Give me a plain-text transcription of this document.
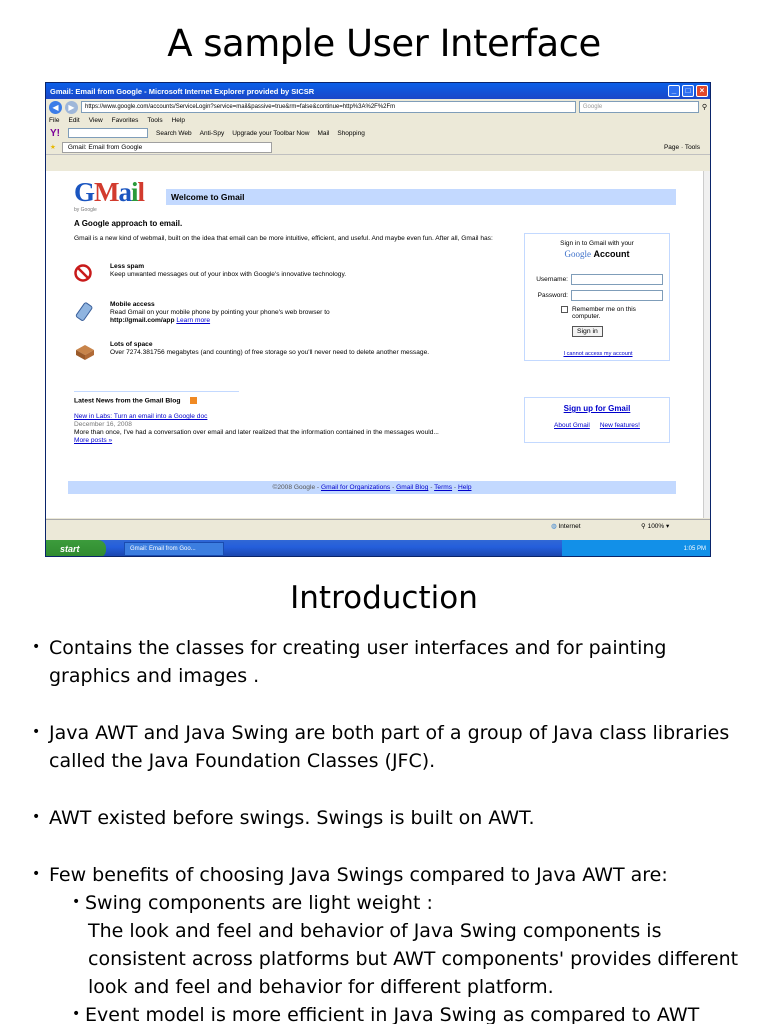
A sample User Interface
Gmail: Email from Google - Microsoft Internet Explorer provided by SICSR	_	□	×
◀	▶	https://www.google.com/accounts/ServiceLogin?service=mail&passive=true&rm=false&continue=http%3A%2F%2Fm	Google	⚲
File Edit View Favorites Tools Help
Y!	Search Web Anti-Spy Upgrade your Toolbar Now Mail Shopping
★	Gmail: Email from Google	Page · Tools
GMail
by Google
Welcome to Gmail
A Google approach to email.
Gmail is a new kind of webmail, built on the idea that email can be more intuitive, efficient, and useful. And maybe even fun. After all, Gmail has:
Less spam
Keep unwanted messages out of your inbox with Google's innovative technology.
Mobile access
Read Gmail on your mobile phone by pointing your phone's web browser to
http://gmail.com/app Learn more
Lots of space
Over 7274.381756 megabytes (and counting) of free storage so you'll never need to delete another message.
Latest News from the Gmail Blog
New in Labs: Turn an email into a Google doc
December 16, 2008
More than once, I've had a conversation over email and later realized that the information contained in the messages would...
More posts »
Sign in to Gmail with your
Google Account
Username:
Password:
Remember me on this computer.
Sign in
I cannot access my account
Sign up for Gmail
About Gmail New features!
©2008 Google - Gmail for Organizations - Gmail Blog - Terms - Help
◍ Internet	⚲ 100% ▾
start	Gmail: Email from Goo...	1:05 PM
Introduction
• Contains the classes for creating user interfaces and for painting graphics and images .
• Java AWT and Java Swing are both part of a group of Java class libraries called the Java Foundation Classes (JFC).
• AWT existed before swings. Swings is built on AWT.
• Few benefits of choosing Java Swings compared to Java AWT are:
• Swing components are light weight :
The look and feel and behavior of Java Swing components is consistent across platforms but AWT components' provides different look and feel and behavior for different platform.
• Event model is more efficient in Java Swing as compared to AWT
